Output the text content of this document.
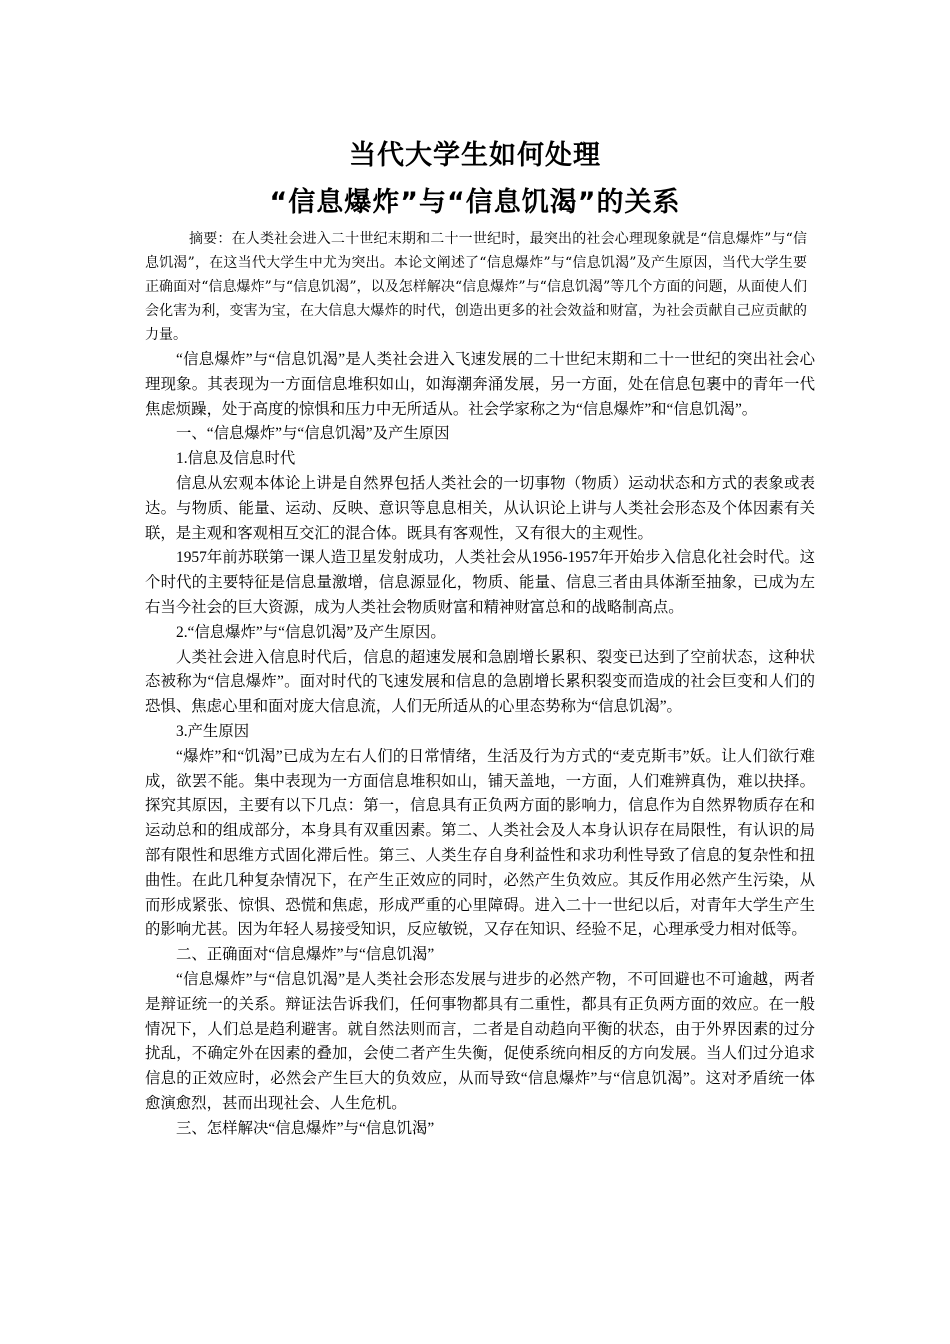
当代大学生如何处理
“信息爆炸”与“信息饥渴”的关系
摘要：在人类社会进入二十世纪末期和二十一世纪时，最突出的社会心理现象就是“信息爆炸”与“信息饥渴”，在这当代大学生中尤为突出。本论文阐述了“信息爆炸”与“信息饥渴”及产生原因，当代大学生要正确面对“信息爆炸”与“信息饥渴”，以及怎样解决“信息爆炸”与“信息饥渴”等几个方面的问题，从面使人们会化害为利，变害为宝，在大信息大爆炸的时代，创造出更多的社会效益和财富，为社会贡献自己应贡献的力量。

“信息爆炸”与“信息饥渴”是人类社会进入飞速发展的二十世纪末期和二十一世纪的突出社会心理现象。其表现为一方面信息堆积如山，如海潮奔涌发展，另一方面，处在信息包裹中的青年一代焦虑烦躁，处于高度的惊惧和压力中无所适从。社会学家称之为“信息爆炸”和“信息饥渴”。

一、“信息爆炸”与“信息饥渴”及产生原因

1.信息及信息时代

信息从宏观本体论上讲是自然界包括人类社会的一切事物（物质）运动状态和方式的表象或表达。与物质、能量、运动、反映、意识等息息相关，从认识论上讲与人类社会形态及个体因素有关联，是主观和客观相互交汇的混合体。既具有客观性，又有很大的主观性。

1957年前苏联第一课人造卫星发射成功，人类社会从1956-1957年开始步入信息化社会时代。这个时代的主要特征是信息量激增，信息源显化，物质、能量、信息三者由具体渐至抽象，已成为左右当今社会的巨大资源，成为人类社会物质财富和精神财富总和的战略制高点。

2.“信息爆炸”与“信息饥渴”及产生原因。

人类社会进入信息时代后，信息的超速发展和急剧增长累积、裂变已达到了空前状态，这种状态被称为“信息爆炸”。面对时代的飞速发展和信息的急剧增长累积裂变而造成的社会巨变和人们的恐惧、焦虑心里和面对庞大信息流，人们无所适从的心里态势称为“信息饥渴”。

3.产生原因

“爆炸”和“饥渴”已成为左右人们的日常情绪，生活及行为方式的“麦克斯韦”妖。让人们欲行难成，欲罢不能。集中表现为一方面信息堆积如山，铺天盖地，一方面，人们难辨真伪，难以抉择。探究其原因，主要有以下几点：第一，信息具有正负两方面的影响力，信息作为自然界物质存在和运动总和的组成部分，本身具有双重因素。第二、人类社会及人本身认识存在局限性，有认识的局部有限性和思维方式固化滞后性。第三、人类生存自身利益性和求功利性导致了信息的复杂性和扭曲性。在此几种复杂情况下，在产生正效应的同时，必然产生负效应。其反作用必然产生污染，从而形成紧张、惊惧、恐慌和焦虑，形成严重的心里障碍。进入二十一世纪以后，对青年大学生产生的影响尤甚。因为年轻人易接受知识，反应敏锐，又存在知识、经验不足，心理承受力相对低等。

二、正确面对“信息爆炸”与“信息饥渴”

“信息爆炸”与“信息饥渴”是人类社会形态发展与进步的必然产物，不可回避也不可逾越，两者是辩证统一的关系。辩证法告诉我们，任何事物都具有二重性，都具有正负两方面的效应。在一般情况下，人们总是趋利避害。就自然法则而言，二者是自动趋向平衡的状态，由于外界因素的过分扰乱，不确定外在因素的叠加，会使二者产生失衡，促使系统向相反的方向发展。当人们过分追求信息的正效应时，必然会产生巨大的负效应，从而导致“信息爆炸”与“信息饥渴”。这对矛盾统一体愈演愈烈，甚而出现社会、人生危机。

三、怎样解决“信息爆炸”与“信息饥渴”
